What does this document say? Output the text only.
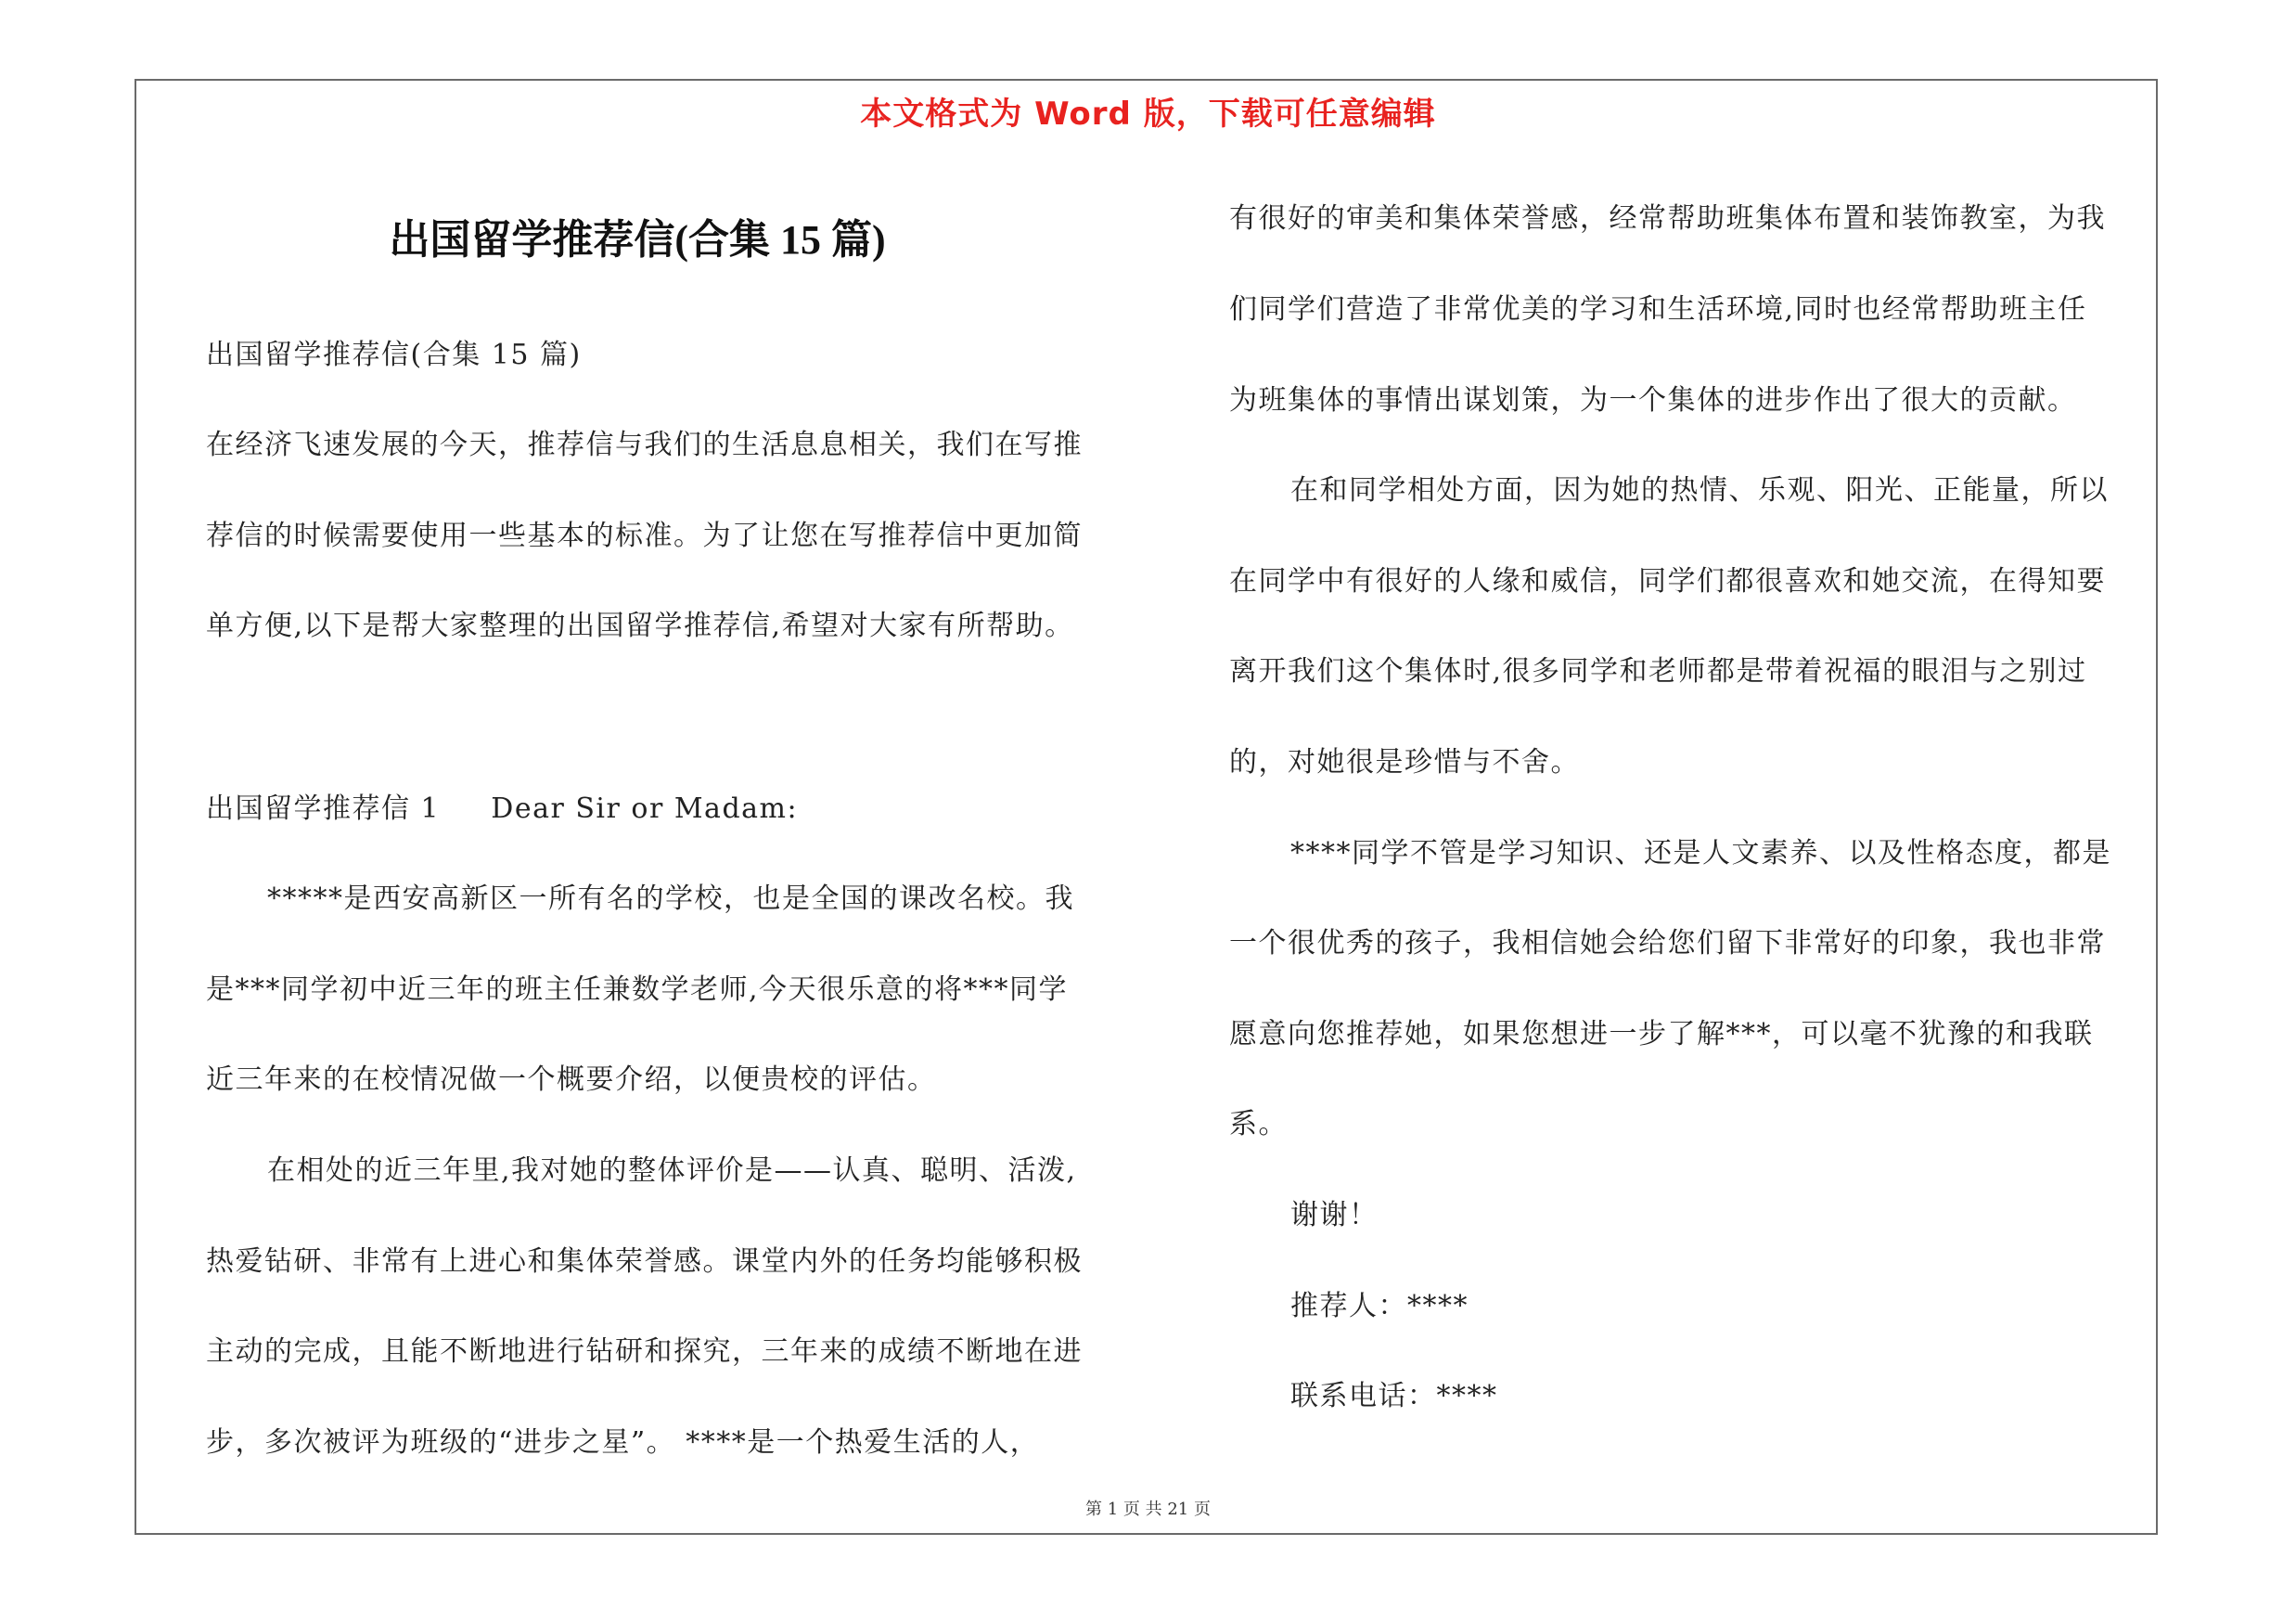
本文格式为 Word 版，下载可任意编辑
出国留学推荐信(合集 15 篇)
出国留学推荐信(合集 15 篇)
在经济飞速发展的今天，推荐信与我们的生活息息相关，我们在写推
荐信的时候需要使用一些基本的标准。为了让您在写推荐信中更加简
单方便,以下是帮大家整理的出国留学推荐信,希望对大家有所帮助。
出国留学推荐信 1     Dear Sir or Madam:
*****是西安高新区一所有名的学校，也是全国的课改名校。我
是***同学初中近三年的班主任兼数学老师,今天很乐意的将***同学
近三年来的在校情况做一个概要介绍，以便贵校的评估。
在相处的近三年里,我对她的整体评价是——认真、聪明、活泼,
热爱钻研、非常有上进心和集体荣誉感。课堂内外的任务均能够积极
主动的完成，且能不断地进行钻研和探究，三年来的成绩不断地在进
步，多次被评为班级的“进步之星”。 ****是一个热爱生活的人，
有很好的审美和集体荣誉感，经常帮助班集体布置和装饰教室，为我
们同学们营造了非常优美的学习和生活环境,同时也经常帮助班主任
为班集体的事情出谋划策，为一个集体的进步作出了很大的贡献。
在和同学相处方面，因为她的热情、乐观、阳光、正能量，所以
在同学中有很好的人缘和威信，同学们都很喜欢和她交流，在得知要
离开我们这个集体时,很多同学和老师都是带着祝福的眼泪与之别过
的，对她很是珍惜与不舍。
****同学不管是学习知识、还是人文素养、以及性格态度，都是
一个很优秀的孩子，我相信她会给您们留下非常好的印象，我也非常
愿意向您推荐她，如果您想进一步了解***，可以毫不犹豫的和我联
系。
谢谢！
推荐人：****
联系电话：****
第 1 页 共 21 页
